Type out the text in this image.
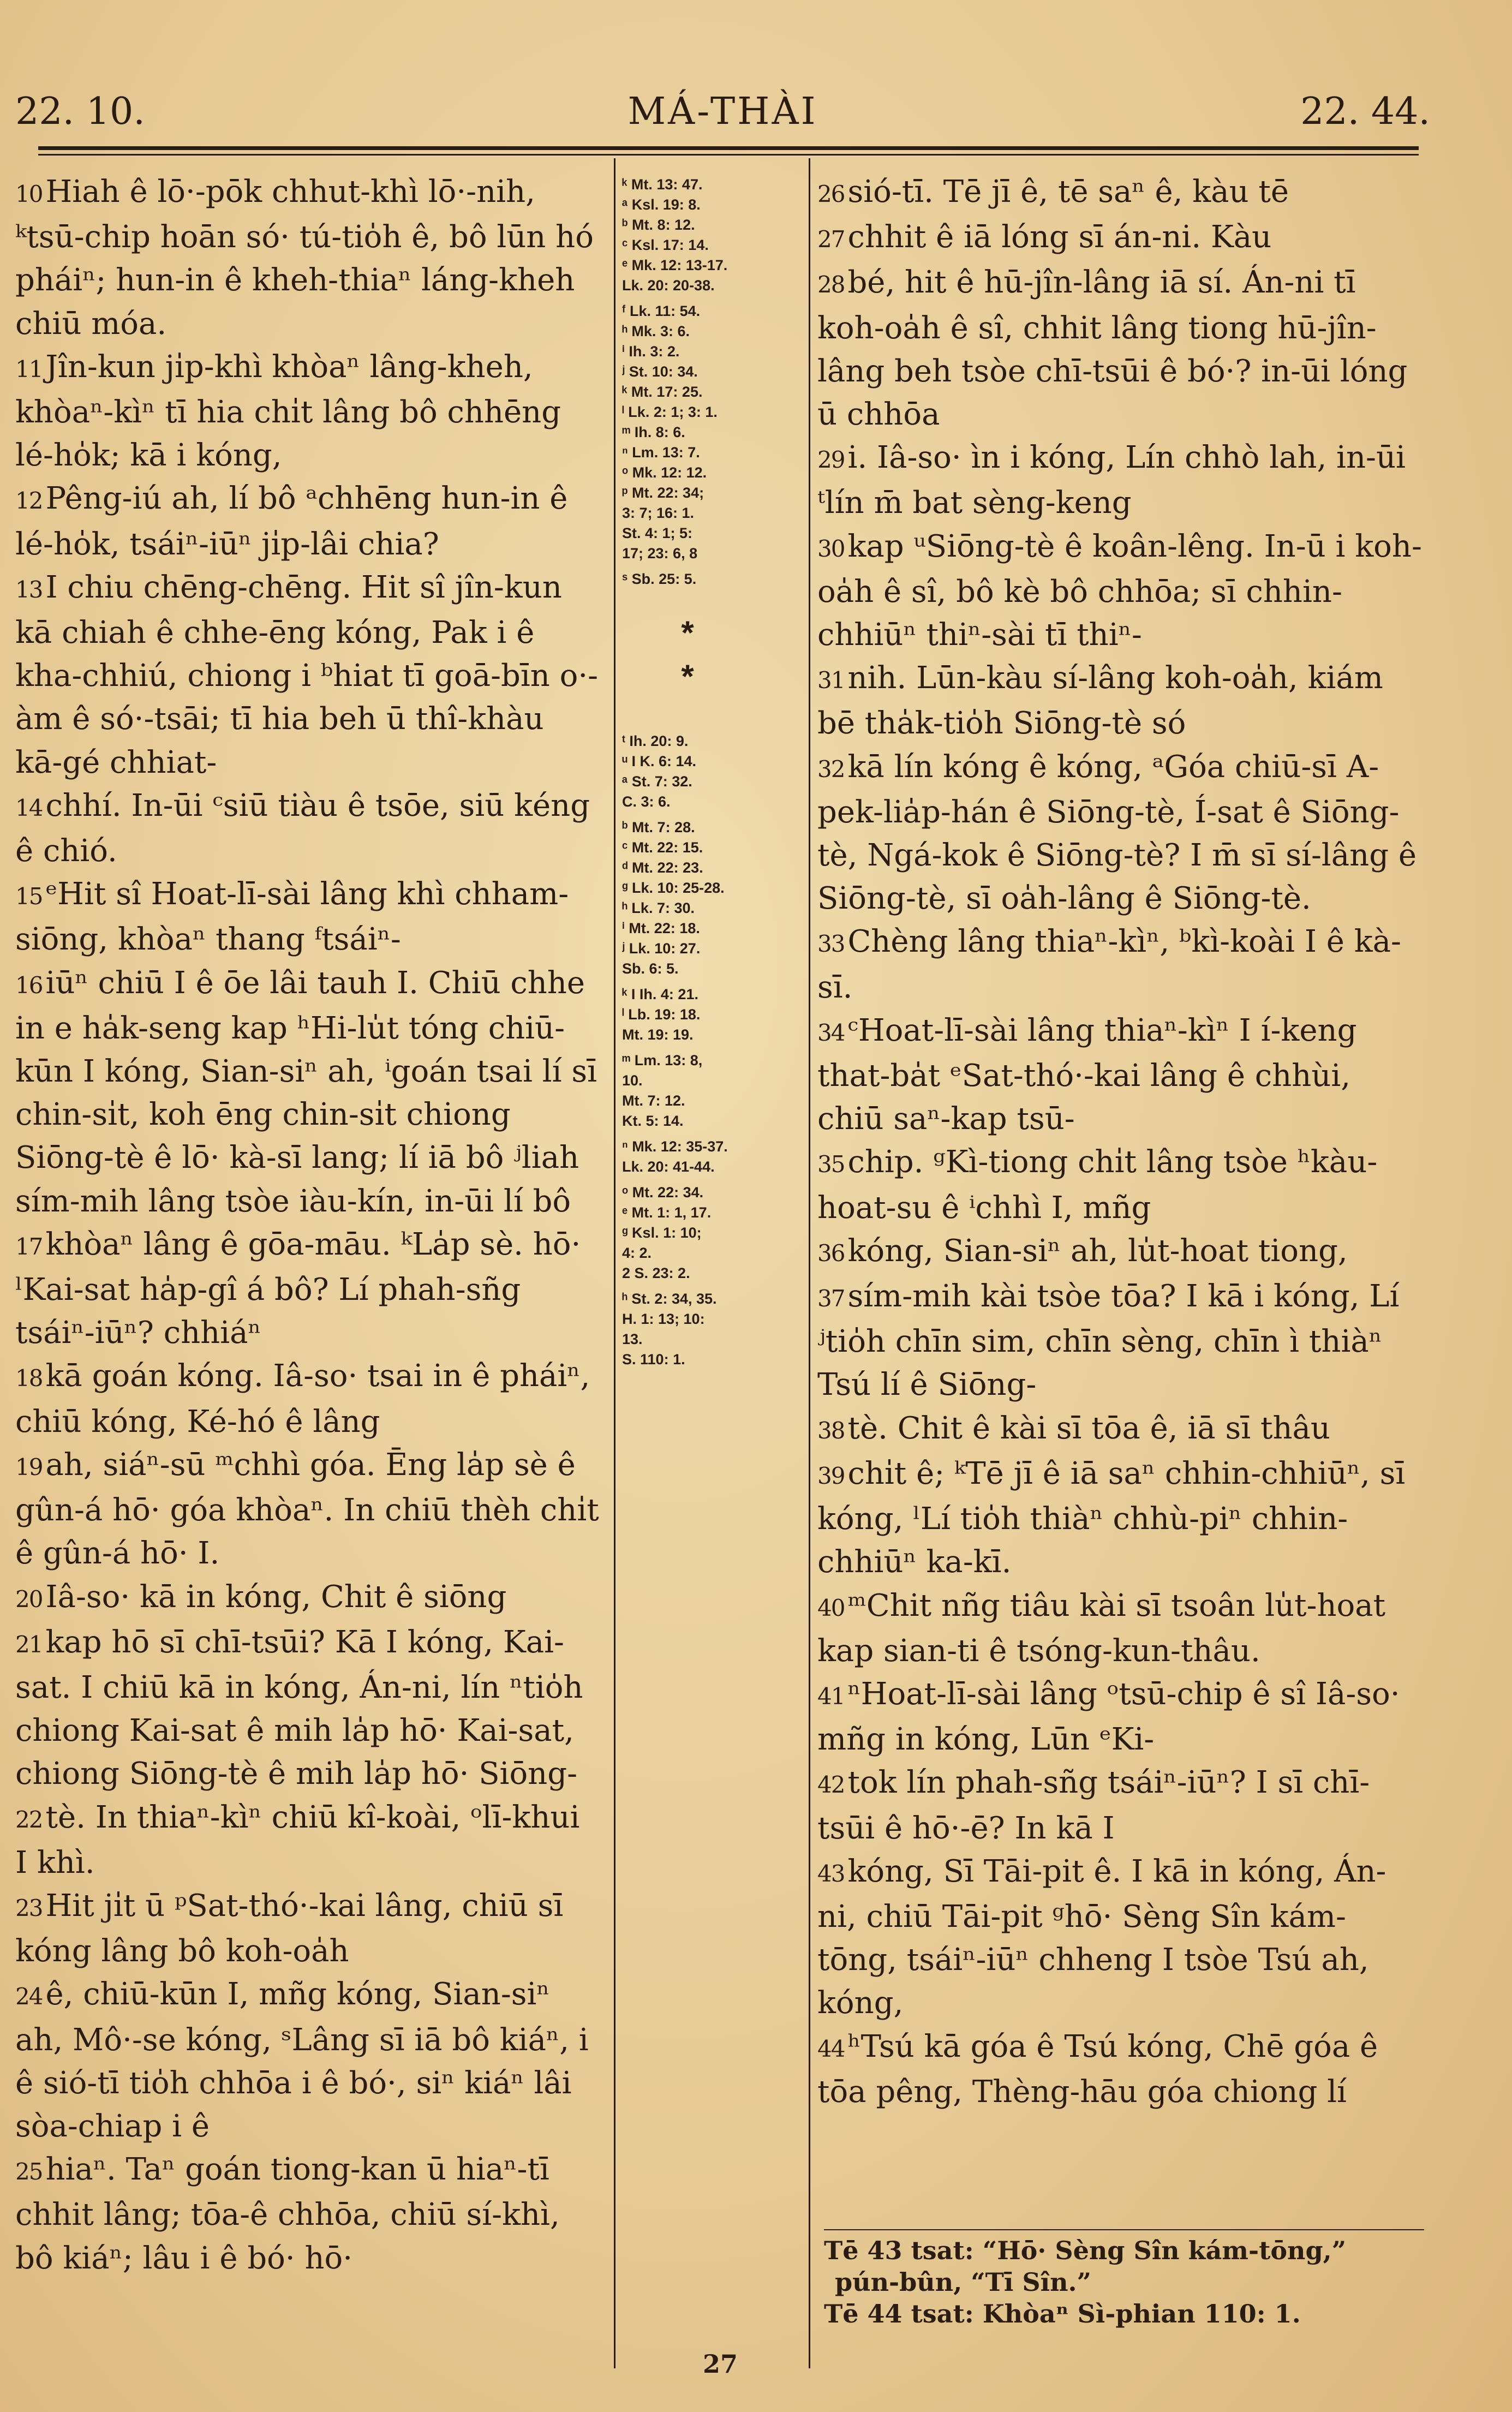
22. 10.	MÁ-THÀI	22. 44.
10 Hiah ê lō·-pōk chhut-khì lō·-nih, ᵏtsū-chip hoān só· tú-tio̍h ê, bô lūn hó pháiⁿ; hun-in ê kheh-thiaⁿ láng-kheh chiū móa.
11 Jîn-kun ji̍p-khì khòaⁿ lâng-kheh, khòaⁿ-kìⁿ tī hia chi̍t lâng bô chhēng lé-ho̍k; kā i kóng,
12 Pêng-iú ah, lí bô ᵃchhēng hun-in ê lé-ho̍k, tsáiⁿ-iūⁿ ji̍p-lâi chia?
13 I chiu chēng-chēng. Hit sî jîn-kun kā chiah ê chhe-ēng kóng, Pak i ê kha-chhiú, chiong i ᵇhiat tī goā-bīn o·-àm ê só·-tsāi; tī hia beh ū thî-khàu kā-gé chhiat-
14 chhí. In-ūi ᶜsiū tiàu ê tsōe, siū kéng ê chió.
15 ᵉHit sî Hoat-lī-sài lâng khì chham-siōng, khòaⁿ thang ᶠtsáiⁿ-
16 iūⁿ chiū I ê ōe lâi tauh I. Chiū chhe in e ha̍k-seng kap ʰHi-lu̍t tóng chiū-kūn I kóng, Sian-siⁿ ah, ⁱgoán tsai lí sī chin-si̍t, koh ēng chin-si̍t chiong Siōng-tè ê lō· kà-sī lang; lí iā bô ʲliah sím-mih lâng tsòe iàu-kín, in-ūi lí bô
17 khòaⁿ lâng ê gōa-māu. ᵏLa̍p sè. hō· ˡKai-sat ha̍p-gî á bô? Lí phah-sñg tsáiⁿ-iūⁿ? chhiáⁿ
18 kā goán kóng. Iâ-so· tsai in ê pháiⁿ, chiū kóng, Ké-hó ê lâng
19 ah, siáⁿ-sū ᵐchhì góa. Ēng la̍p sè ê gûn-á hō· góa khòaⁿ. In chiū thèh chi̍t ê gûn-á hō· I.
20 Iâ-so· kā in kóng, Chit ê siōng
21 kap hō sī chī-tsūi? Kā I kóng, Kai-sat. I chiū kā in kóng, Án-ni, lín ⁿtio̍h chiong Kai-sat ê mih la̍p hō· Kai-sat, chiong Siōng-tè ê mih la̍p hō· Siōng-
22 tè. In thiaⁿ-kìⁿ chiū kî-koài, ᵒlī-khui I khì.
23 Hit ji̍t ū ᵖSat-thó·-kai lâng, chiū sī kóng lâng bô koh-oa̍h
24 ê, chiū-kūn I, mñg kóng, Sian-siⁿ ah, Mô·-se kóng, ˢLâng sī iā bô kiáⁿ, i ê sió-tī tio̍h chhōa i ê bó·, siⁿ kiáⁿ lâi sòa-chiap i ê
25 hiaⁿ. Taⁿ goán tiong-kan ū hiaⁿ-tī chhit lâng; tōa-ê chhōa, chiū sí-khì, bô kiáⁿ; lâu i ê bó· hō·
ᵏ Mt. 13: 47.
ᵃ Ksl. 19: 8.
ᵇ Mt. 8: 12.
ᶜ Ksl. 17: 14.
ᵉ Mk. 12: 13-17.
Lk. 20: 20-38.
ᶠ Lk. 11: 54.
ʰ Mk. 3: 6.
ⁱ Ih. 3: 2.
ʲ St. 10: 34.
ᵏ Mt. 17: 25.
ˡ Lk. 2: 1; 3: 1.
ᵐ Ih. 8: 6.
ⁿ Lm. 13: 7.
ᵒ Mk. 12: 12.
ᵖ Mt. 22: 34;
3: 7; 16: 1.
St. 4: 1; 5:
17; 23: 6, 8
ˢ Sb. 25: 5.
* *
ᵗ Ih. 20: 9.
ᵘ I K. 6: 14.
ᵃ St. 7: 32.
C. 3: 6.
ᵇ Mt. 7: 28.
ᶜ Mt. 22: 15.
ᵈ Mt. 22: 23.
ᵍ Lk. 10: 25-28.
ʰ Lk. 7: 30.
ⁱ Mt. 22: 18.
ʲ Lk. 10: 27.
Sb. 6: 5.
ᵏ I Ih. 4: 21.
ˡ Lb. 19: 18.
Mt. 19: 19.
ᵐ Lm. 13: 8,
10.
Mt. 7: 12.
Kt. 5: 14.
ⁿ Mk. 12: 35-37.
Lk. 20: 41-44.
ᵒ Mt. 22: 34.
ᵉ Mt. 1: 1, 17.
ᵍ Ksl. 1: 10;
4: 2.
2 S. 23: 2.
ʰ St. 2: 34, 35.
H. 1: 13; 10:
13.
S. 110: 1.
26 sió-tī. Tē jī ê, tē saⁿ ê, kàu tē
27 chhit ê iā lóng sī án-ni. Kàu
28 bé, hit ê hū-jîn-lâng iā sí. Án-ni tī koh-oa̍h ê sî, chhit lâng tiong hū-jîn-lâng beh tsòe chī-tsūi ê bó·? in-ūi lóng ū chhōa
29 i. Iâ-so· ìn i kóng, Lín chhò lah, in-ūi ᵗlín m̄ bat sèng-keng
30 kap ᵘSiōng-tè ê koân-lêng. In-ū i koh-oa̍h ê sî, bô kè bô chhōa; sī chhin-chhiūⁿ thiⁿ-sài tī thiⁿ-
31 nih. Lūn-kàu sí-lâng koh-oa̍h, kiám bē tha̍k-tio̍h Siōng-tè só
32 kā lín kóng ê kóng, ᵃGóa chiū-sī A-pek-lia̍p-hán ê Siōng-tè, Í-sat ê Siōng-tè, Ngá-kok ê Siōng-tè? I m̄ sī sí-lâng ê Siōng-tè, sī oa̍h-lâng ê Siōng-tè.
33 Chèng lâng thiaⁿ-kìⁿ, ᵇkì-koài I ê kà-sī.
34 ᶜHoat-lī-sài lâng thiaⁿ-kìⁿ I í-keng that-ba̍t ᵉSat-thó·-kai lâng ê chhùi, chiū saⁿ-kap tsū-
35 chip. ᵍKì-tiong chi̍t lâng tsòe ʰkàu-hoat-su ê ⁱchhì I, mñg
36 kóng, Sian-siⁿ ah, lu̍t-hoat tiong,
37 sím-mih kài tsòe tōa? I kā i kóng, Lí ʲtio̍h chīn sim, chīn sèng, chīn ì thiàⁿ Tsú lí ê Siōng-
38 tè. Chit ê kài sī tōa ê, iā sī thâu
39 chi̍t ê; ᵏTē jī ê iā saⁿ chhin-chhiūⁿ, sī kóng, ˡLí tio̍h thiàⁿ chhù-piⁿ chhin-chhiūⁿ ka-kī.
40 ᵐChit nñg tiâu kài sī tsoân lu̍t-hoat kap sian-ti ê tsóng-kun-thâu.
41 ⁿHoat-lī-sài lâng ᵒtsū-chip ê sî Iâ-so· mñg in kóng, Lūn ᵉKi-
42 tok lín phah-sñg tsáiⁿ-iūⁿ? I sī chī-tsūi ê hō·-ē? In kā I
43 kóng, Sī Tāi-pit ê. I kā in kóng, Án-ni, chiū Tāi-pit ᵍhō· Sèng Sîn kám-tōng, tsáiⁿ-iūⁿ chheng I tsòe Tsú ah, kóng,
44 ʰTsú kā góa ê Tsú kóng, Chē góa ê tōa pêng, Thèng-hāu góa chiong lí
Tē 43 tsat: “Hō· Sèng Sîn kám-tōng,”
pún-bûn, “Tī Sîn.”
Tē 44 tsat: Khòaⁿ Sì-phian 110: 1.
27
